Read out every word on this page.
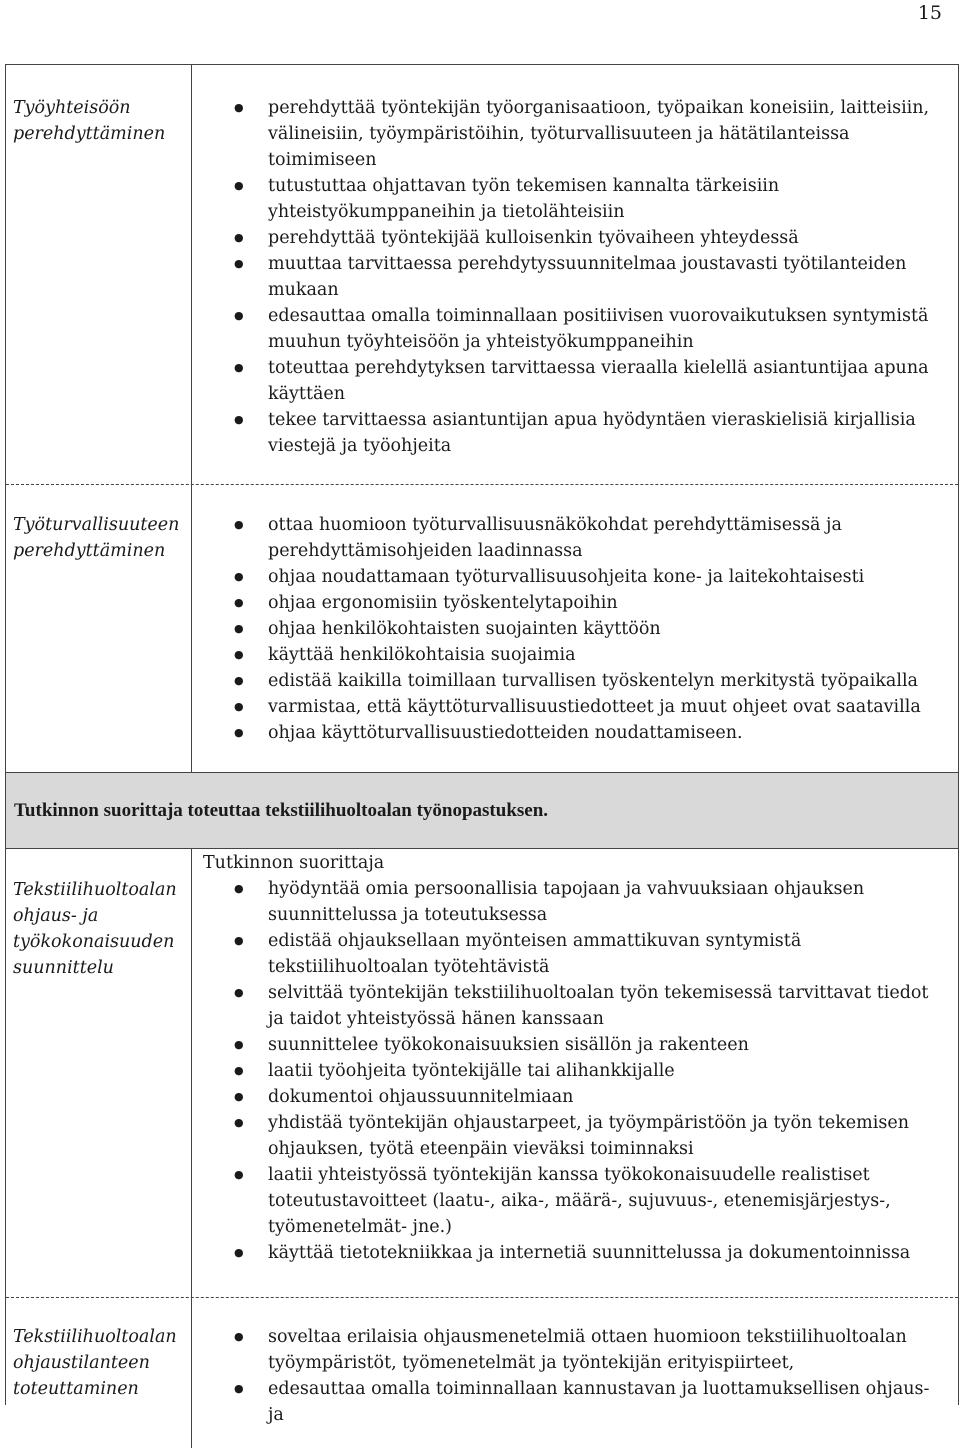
15
Työyhteisöön perehdyttäminen
● perehdyttää työntekijän työorganisaatioon, työpaikan koneisiin, laitteisiin, välineisiin, työympäristöihin, työturvallisuuteen ja hätätilanteissa toimimiseen
● tutustuttaa ohjattavan työn tekemisen kannalta tärkeisiin yhteistyökumppaneihin ja tietolähteisiin
● perehdyttää työntekijää kulloisenkin työvaiheen yhteydessä
● muuttaa tarvittaessa perehdytyssuunnitelmaa joustavasti työtilanteiden mukaan
● edesauttaa omalla toiminnallaan positiivisen vuorovaikutuksen syntymistä muuhun työyhteisöön ja yhteistyökumppaneihin
● toteuttaa perehdytyksen tarvittaessa vieraalla kielellä asiantuntijaa apuna käyttäen
● tekee tarvittaessa asiantuntijan apua hyödyntäen vieraskielisiä kirjallisia viestejä ja työohjeita
Työturvallisuuteen perehdyttäminen
● ottaa huomioon työturvallisuusnäkökohdat perehdyttämisessä ja perehdyttämisohjeiden laadinnassa
● ohjaa noudattamaan työturvallisuusohjeita kone- ja laitekohtaisesti
● ohjaa ergonomisiin työskentelytapoihin
● ohjaa henkilökohtaisten suojainten käyttöön
● käyttää henkilökohtaisia suojaimia
● edistää kaikilla toimillaan turvallisen työskentelyn merkitystä työpaikalla
● varmistaa, että käyttöturvallisuustiedotteet ja muut ohjeet ovat saatavilla
● ohjaa käyttöturvallisuustiedotteiden noudattamiseen.
Tutkinnon suorittaja toteuttaa tekstiilihuoltoalan työnopastuksen.
Tutkinnon suorittaja
Tekstiilihuoltoalan ohjaus- ja työkokonaisuuden suunnittelu
● hyödyntää omia persoonallisia tapojaan ja vahvuuksiaan ohjauksen suunnittelussa ja toteutuksessa
● edistää ohjauksellaan myönteisen ammattikuvan syntymistä tekstiilihuoltoalan työtehtävistä
● selvittää työntekijän tekstiilihuoltoalan työn tekemisessä tarvittavat tiedot ja taidot yhteistyössä hänen kanssaan
● suunnittelee työkokonaisuuksien sisällön ja rakenteen
● laatii työohjeita työntekijälle tai alihankkijalle
● dokumentoi ohjaussuunnitelmiaan
● yhdistää työntekijän ohjaustarpeet, ja työympäristöön ja työn tekemisen ohjauksen, työtä eteenpäin vieväksi toiminnaksi
● laatii yhteistyössä työntekijän kanssa työkokonaisuudelle realistiset toteutustavoitteet (laatu-, aika-, määrä-, sujuvuus-, etenemisjärjestys-, työmenetelmät- jne.)
● käyttää tietotekniikkaa ja internetiä suunnittelussa ja dokumentoinnissa
Tekstiilihuoltoalan ohjaustilanteen toteuttaminen
● soveltaa erilaisia ohjausmenetelmiä ottaen huomioon tekstiilihuoltoalan työympäristöt, työmenetelmät ja työntekijän erityispiirteet,
● edesauttaa omalla toiminnallaan kannustavan ja luottamuksellisen ohjaus- ja
